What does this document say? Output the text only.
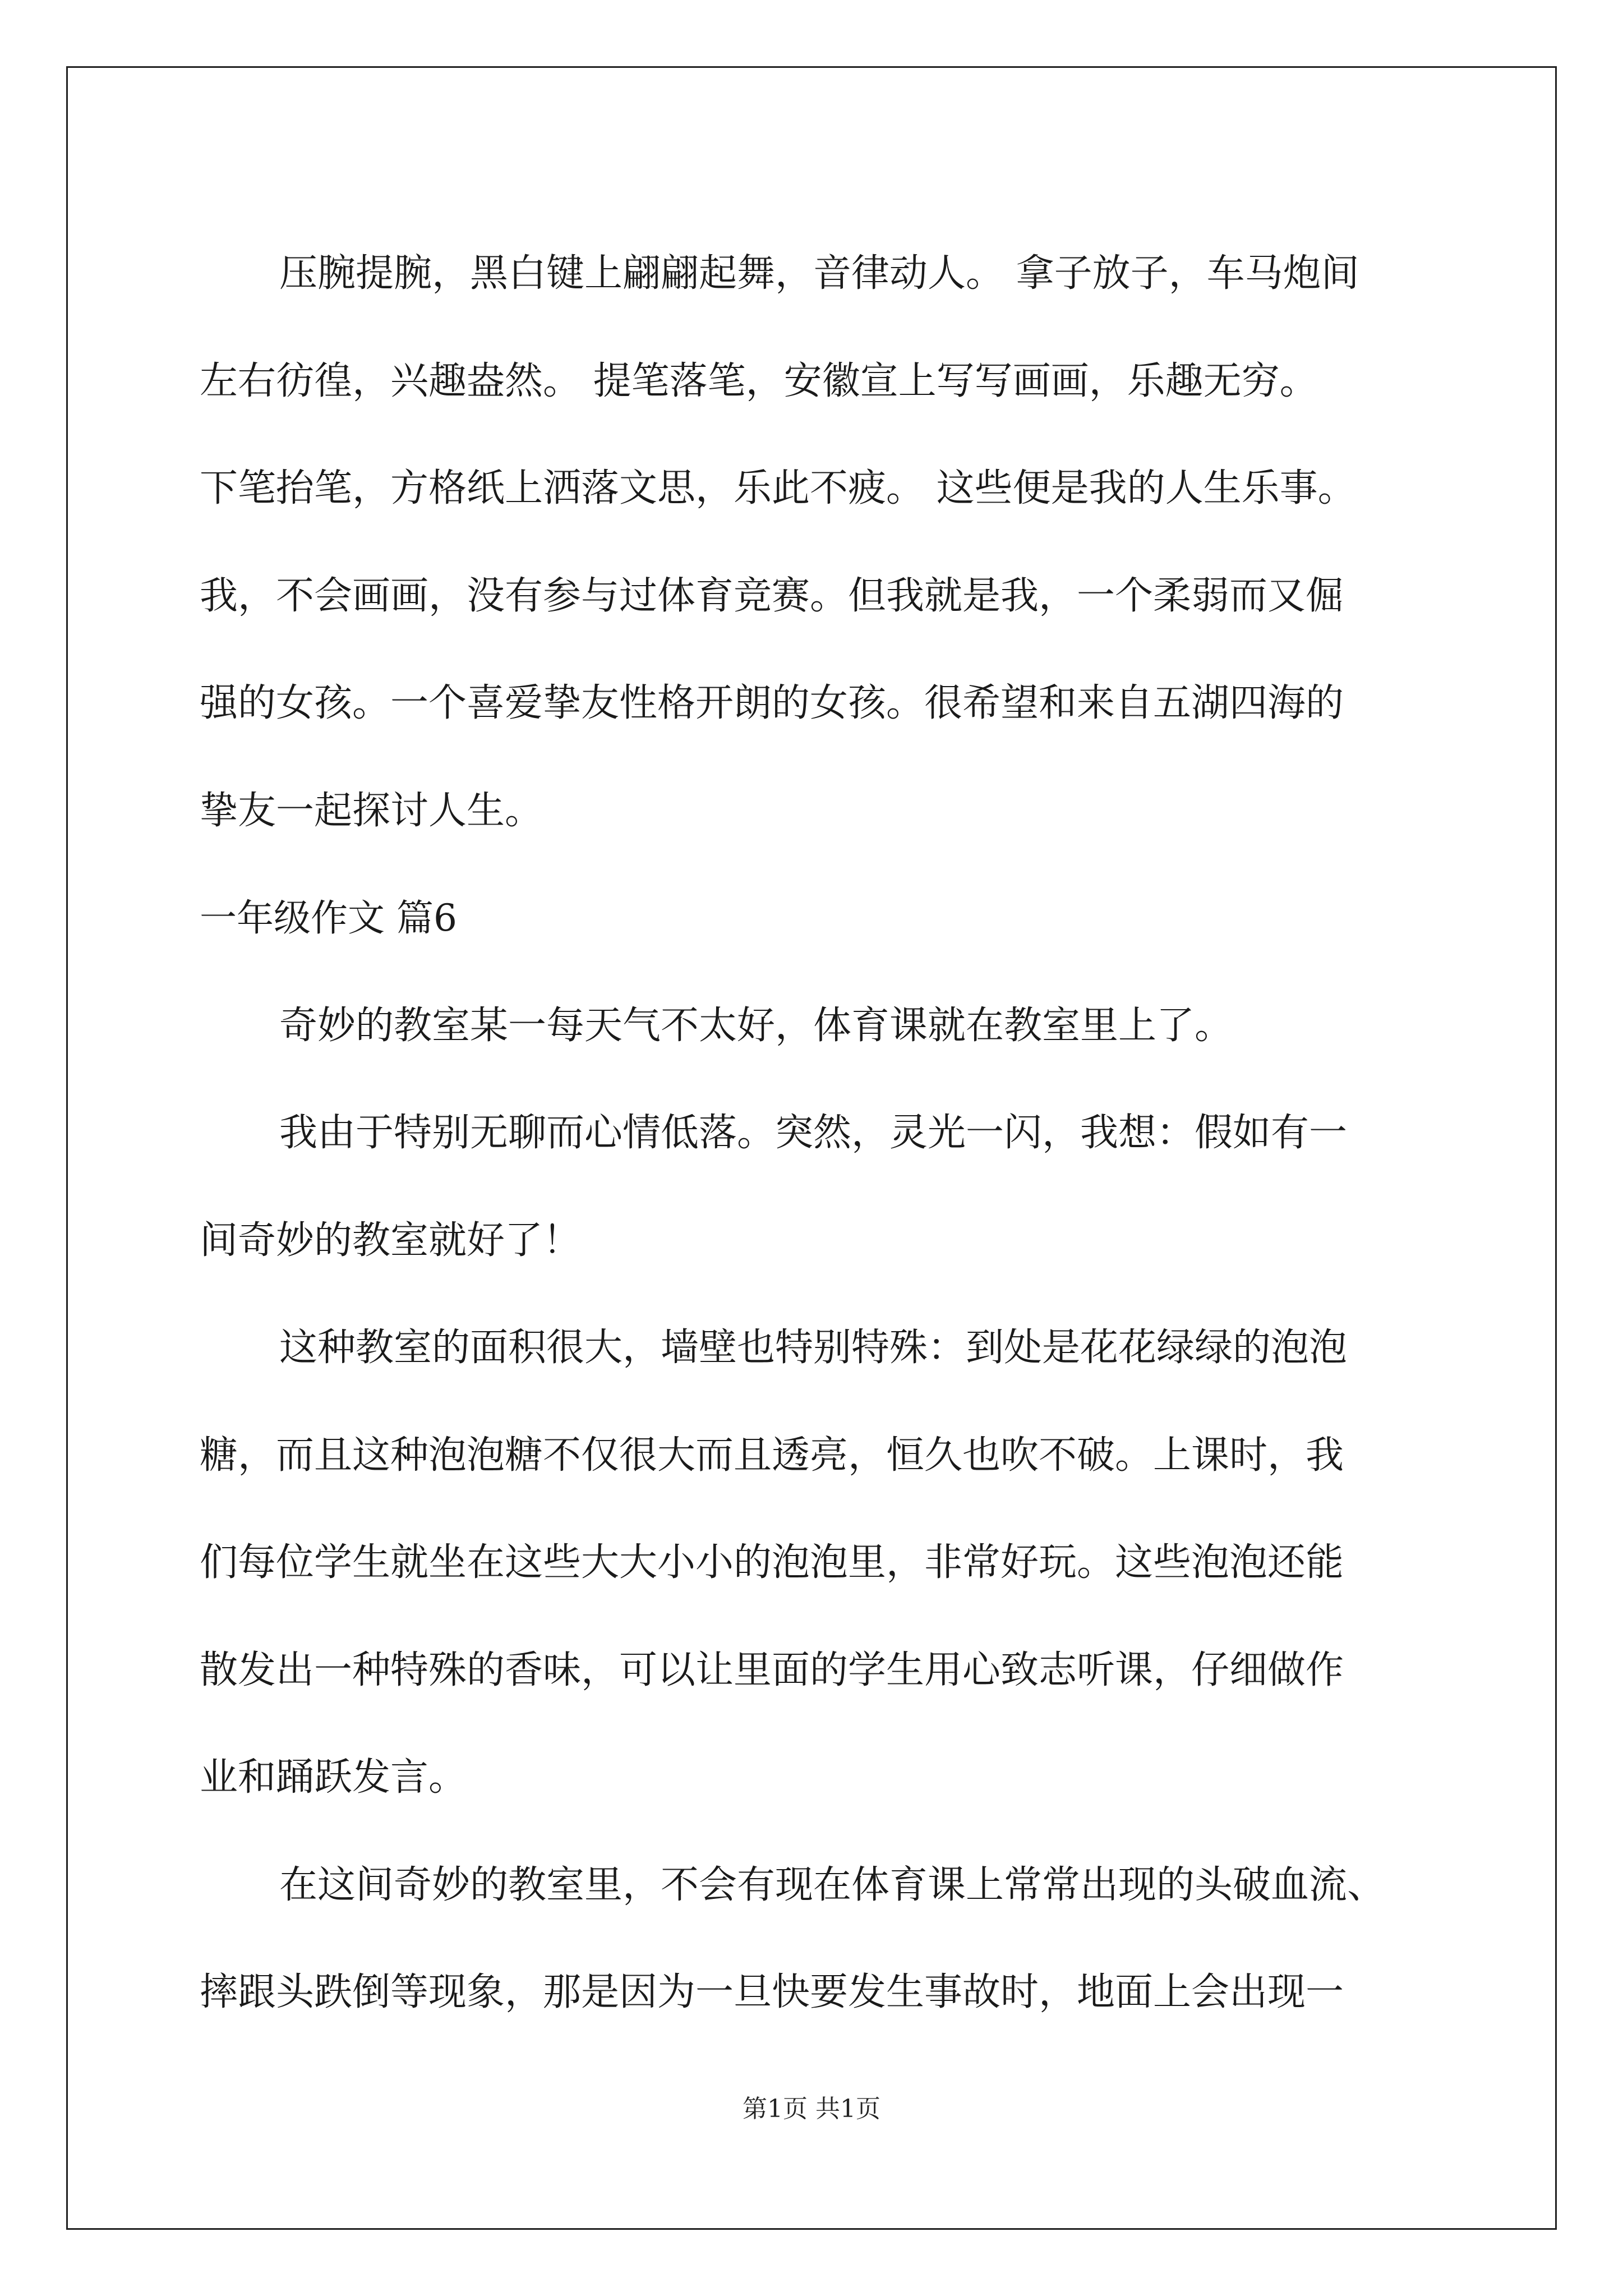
压腕提腕，黑白键上翩翩起舞，音律动人。 拿子放子，车马炮间
左右彷徨，兴趣盎然。 提笔落笔，安徽宣上写写画画，乐趣无穷。
下笔抬笔，方格纸上洒落文思，乐此不疲。 这些便是我的人生乐事。
我，不会画画，没有参与过体育竞赛。但我就是我，一个柔弱而又倔
强的女孩。一个喜爱挚友性格开朗的女孩。很希望和来自五湖四海的
挚友一起探讨人生。
一年级作文 篇6
奇妙的教室某一每天气不太好，体育课就在教室里上了。
我由于特别无聊而心情低落。突然，灵光一闪，我想：假如有一
间奇妙的教室就好了！
这种教室的面积很大，墙壁也特别特殊：到处是花花绿绿的泡泡
糖，而且这种泡泡糖不仅很大而且透亮，恒久也吹不破。上课时，我
们每位学生就坐在这些大大小小的泡泡里，非常好玩。这些泡泡还能
散发出一种特殊的香味，可以让里面的学生用心致志听课，仔细做作
业和踊跃发言。
在这间奇妙的教室里，不会有现在体育课上常常出现的头破血流、
摔跟头跌倒等现象，那是因为一旦快要发生事故时，地面上会出现一
第1页 共1页
